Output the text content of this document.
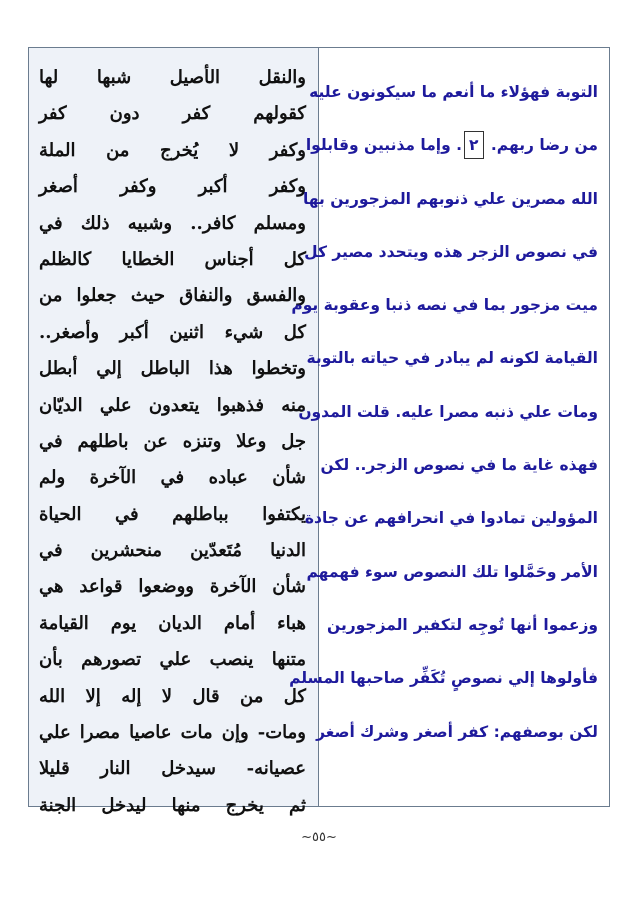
والنقل الأصيل شبها لها
كقولهم كفر دون كفر
وكفر لا يُخرج من الملة
وكفر أكبر وكفر أصغر
ومسلم كافر.. وشبيه ذلك في
كل أجناس الخطايا كالظلم
والفسق والنفاق حيث جعلوا من
كل شيء اثنين أكبر وأصغر..
وتخطوا هذا الباطل إلي أبطل
منه فذهبوا يتعدون علي الديّان
جل وعلا وتنزه عن باطلهم في
شأن عباده في الآخرة ولم
يكتفوا بباطلهم في الحياة
الدنيا مُتَعدّين منحشرين في
شأن الآخرة ووضعوا قواعد هي
هباء أمام الديان يوم القيامة
متنها ينصب علي تصورهم بأن
كل من قال لا إله إلا الله
ومات- وإن مات عاصيا مصرا علي
عصيانه- سيدخل النار قليلا
ثم يخرج منها ليدخل الجنة
التوبة فهؤلاء ما أنعم ما سيكونون عليه
من رضا ربهم. ٢. وإما مذنبين وقابلوا
الله مصرين علي ذنوبهم المزجورين بها
في نصوص الزجر هذه ويتحدد مصير كل
ميت مزجور بما في نصه ذنبا وعقوبة يوم
القيامة لكونه لم يبادر في حياته بالتوبة
ومات علي ذنبه مصرا عليه. قلت المدون
فهذه غاية ما في نصوص الزجر.. لكن
المؤولين تمادوا في انحرافهم عن جادة
الأمر وحَمَّلوا تلك النصوص سوء فهمهم
وزعموا أنها تُوجِه لتكفير المزجورين
فأولوها إلي نصوصٍ تُكَفِّر صاحبها المسلم
لكن بوصفهم: كفر أصغر وشرك أصغر
~٥٥~
